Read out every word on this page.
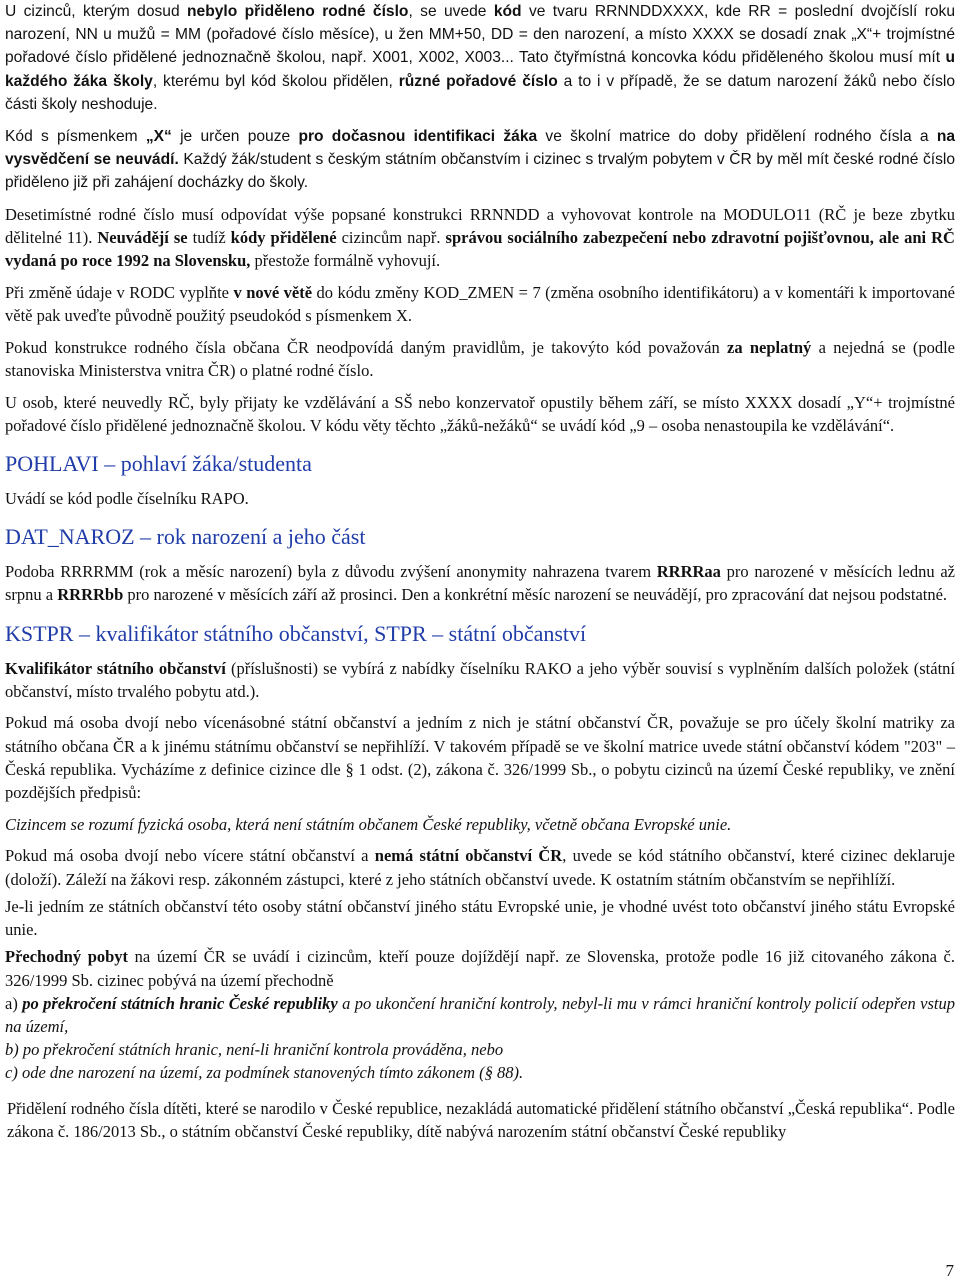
U cizinců, kterým dosud nebylo přiděleno rodné číslo, se uvede kód ve tvaru RRNNDDXXXX, kde RR = poslední dvojčíslí roku narození, NN u mužů = MM (pořadové číslo měsíce), u žen MM+50, DD = den narození, a místo XXXX se dosadí znak „X“+ trojmístné pořadové číslo přidělené jednoznačně školou, např. X001, X002, X003... Tato čtyřmístná koncovka kódu přiděleného školou musí mít u každého žáka školy, kterému byl kód školou přidělen, různé pořadové číslo a to i v případě, že se datum narození žáků nebo číslo části školy neshoduje.

Kód s písmenkem „X“ je určen pouze pro dočasnou identifikaci žáka ve školní matrice do doby přidělení rodného čísla a na vysvědčení se neuvádí. Každý žák/student s českým státním občanstvím i cizinec s trvalým pobytem v ČR by měl mít české rodné číslo přiděleno již při zahájení docházky do školy.

Desetimístné rodné číslo musí odpovídat výše popsané konstrukci RRNNDD a vyhovovat kontrole na MODULO11 (RČ je beze zbytku dělitelné 11). Neuvádějí se tudíž kódy přidělené cizincům např. správou sociálního zabezpečení nebo zdravotní pojišťovnou, ale ani RČ vydaná po roce 1992 na Slovensku, přestože formálně vyhovují.

Při změně údaje v RODC vyplňte v nové větě do kódu změny KOD_ZMEN = 7 (změna osobního identifikátoru) a v komentáři k importované větě pak uveďte původně použitý pseudokód s písmenkem X.

Pokud konstrukce rodného čísla občana ČR neodpovídá daným pravidlům, je takovýto kód považován za neplatný a nejedná se (podle stanoviska Ministerstva vnitra ČR) o platné rodné číslo.

U osob, které neuvedly RČ, byly přijaty ke vzdělávání a SŠ nebo konzervatoř opustily během září, se místo XXXX dosadí „Y“+ trojmístné pořadové číslo přidělené jednoznačně školou. V kódu věty těchto „žáků-nežáků“ se uvádí kód „9 – osoba nenastoupila ke vzdělávání“.

POHLAVI – pohlaví žáka/studenta

Uvádí se kód podle číselníku RAPO.

DAT_NAROZ – rok narození a jeho část

Podoba RRRRMM (rok a měsíc narození) byla z důvodu zvýšení anonymity nahrazena tvarem RRRRaa pro narozené v měsících lednu až srpnu a RRRRbb pro narozené v měsících září až prosinci. Den a konkrétní měsíc narození se neuvádějí, pro zpracování dat nejsou podstatné.

KSTPR – kvalifikátor státního občanství, STPR – státní občanství

Kvalifikátor státního občanství (příslušnosti) se vybírá z nabídky číselníku RAKO a jeho výběr souvisí s vyplněním dalších položek (státní občanství, místo trvalého pobytu atd.).

Pokud má osoba dvojí nebo vícenásobné státní občanství a jedním z nich je státní občanství ČR, považuje se pro účely školní matriky za státního občana ČR a k jinému státnímu občanství se nepřihlíží. V takovém případě se ve školní matrice uvede státní občanství kódem "203" – Česká republika. Vycházíme z definice cizince dle § 1 odst. (2), zákona č. 326/1999 Sb., o pobytu cizinců na území České republiky, ve znění pozdějších předpisů:

Cizincem se rozumí fyzická osoba, která není státním občanem České republiky, včetně občana Evropské unie.

Pokud má osoba dvojí nebo vícere státní občanství a nemá státní občanství ČR, uvede se kód státního občanství, které cizinec deklaruje (doloží). Záleží na žákovi resp. zákonném zástupci, které z jeho státních občanství uvede. K ostatním státním občanstvím se nepřihlíží.

Je-li jedním ze státních občanství této osoby státní občanství jiného státu Evropské unie, je vhodné uvést toto občanství jiného státu Evropské unie.

Přechodný pobyt na území ČR se uvádí i cizincům, kteří pouze dojíždějí např. ze Slovenska, protože podle 16 již citovaného zákona č. 326/1999 Sb. cizinec pobývá na území přechodně

a) po překročení státních hranic České republiky a po ukončení hraniční kontroly, nebyl-li mu v rámci hraniční kontroly policií odepřen vstup na území,

b) po překročení státních hranic, není-li hraniční kontrola prováděna, nebo

c) ode dne narození na území, za podmínek stanovených tímto zákonem (§ 88).

Přidělení rodného čísla dítěti, které se narodilo v České republice, nezakládá automatické přidělení státního občanství „Česká republika“. Podle zákona č. 186/2013 Sb., o státním občanství České republiky, dítě nabývá narozením státní občanství České republiky

7
